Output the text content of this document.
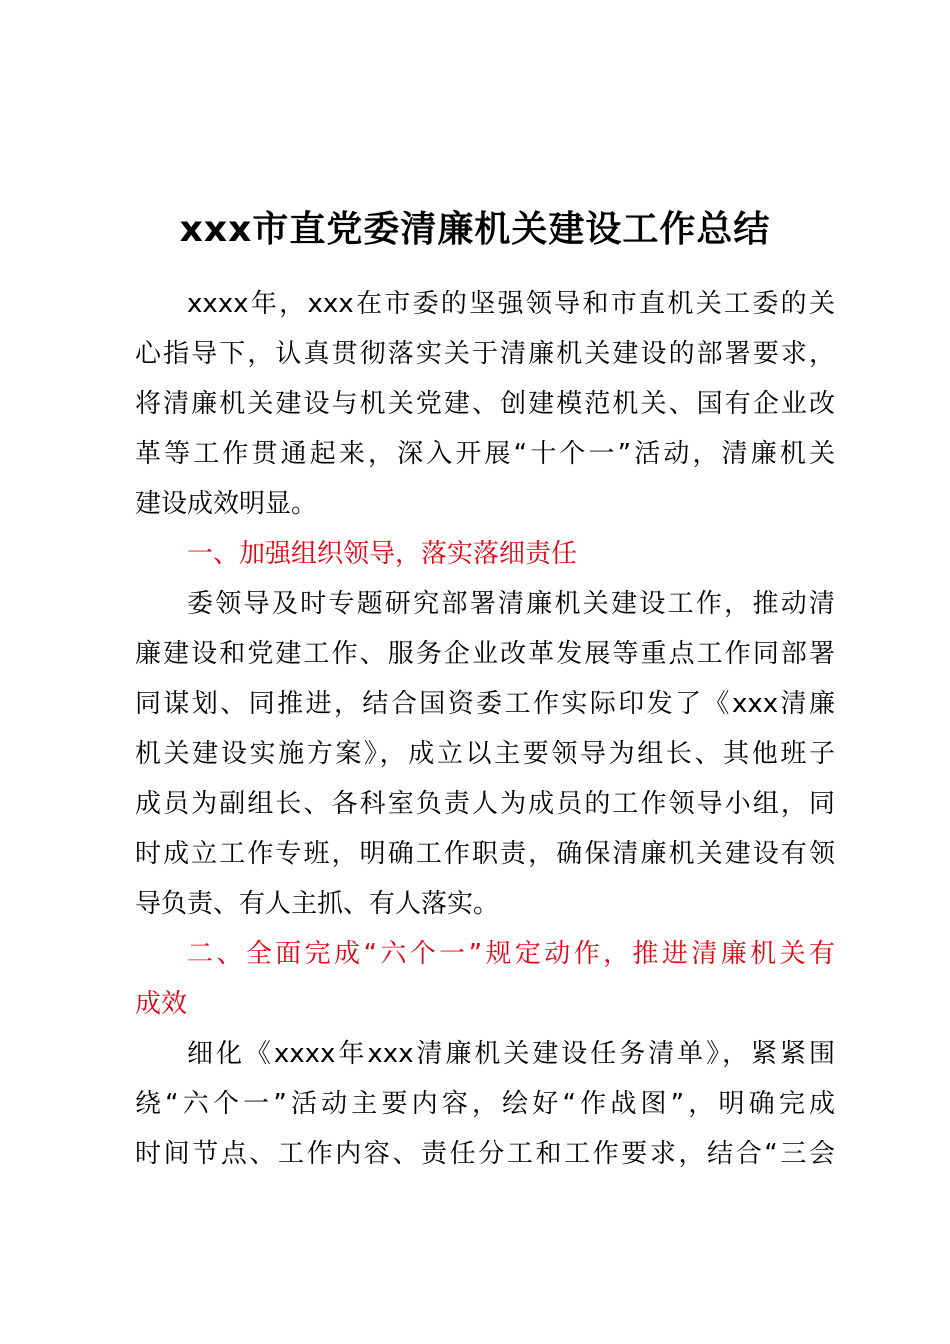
xxx市直党委清廉机关建设工作总结
xxxx年，xxx在市委的坚强领导和市直机关工委的关
心指导下，认真贯彻落实关于清廉机关建设的部署要求，
将清廉机关建设与机关党建、创建模范机关、国有企业改
革等工作贯通起来，深入开展“十个一”活动，清廉机关
建设成效明显。
一、加强组织领导，落实落细责任
委领导及时专题研究部署清廉机关建设工作，推动清
廉建设和党建工作、服务企业改革发展等重点工作同部署
同谋划、同推进，结合国资委工作实际印发了《xxx清廉
机关建设实施方案》，成立以主要领导为组长、其他班子
成员为副组长、各科室负责人为成员的工作领导小组，同
时成立工作专班，明确工作职责，确保清廉机关建设有领
导负责、有人主抓、有人落实。
二、全面完成“六个一”规定动作，推进清廉机关有
成效
细化《xxxx年xxx清廉机关建设任务清单》，紧紧围
绕“六个一”活动主要内容，绘好“作战图”，明确完成
时间节点、工作内容、责任分工和工作要求，结合“三会
